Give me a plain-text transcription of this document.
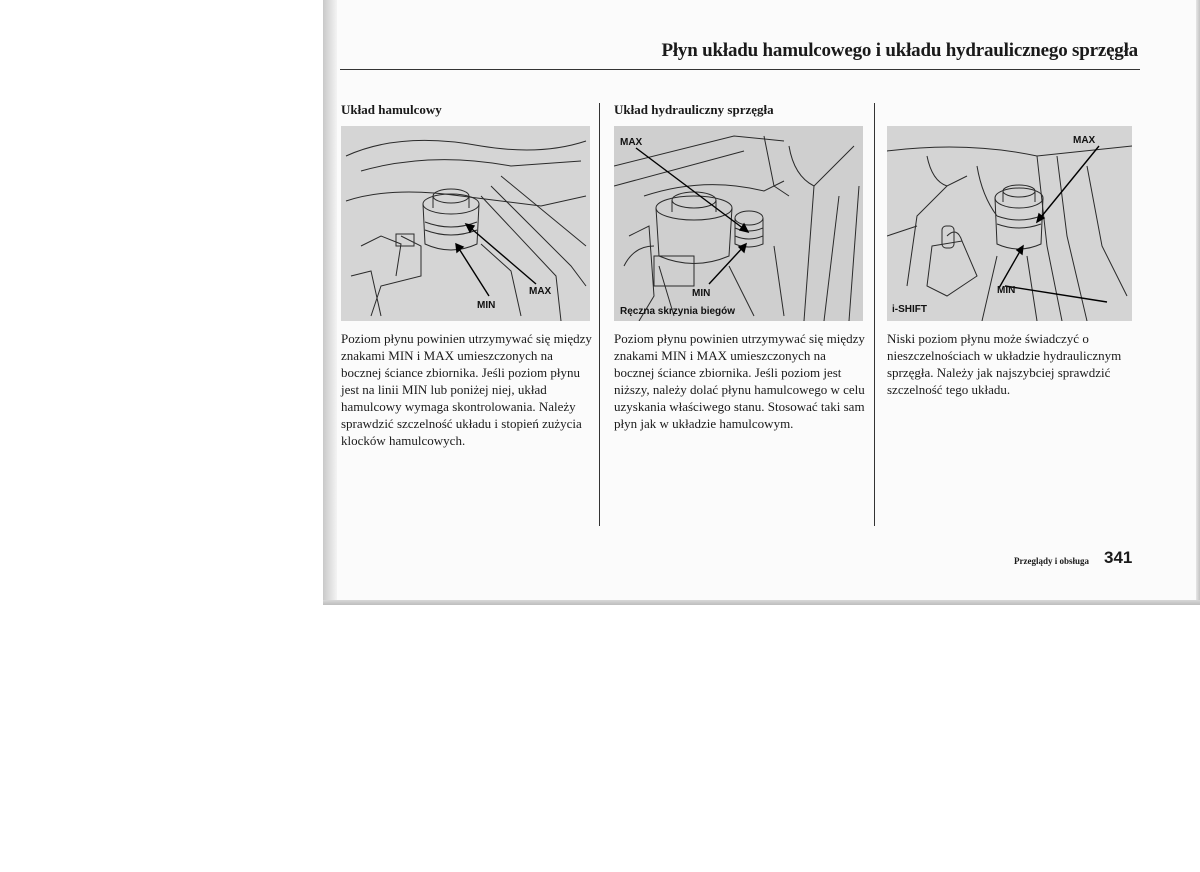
Płyn układu hamulcowego i układu hydraulicznego sprzęgła
Układ hamulcowy
MAX
MIN
Poziom płynu powinien utrzymywać się między znakami MIN i MAX umieszczonych na bocznej ściance zbiornika. Jeśli poziom płynu jest na linii MIN lub poniżej niej, układ hamulcowy wymaga skontrolowania. Należy sprawdzić szczelność układu i stopień zużycia klocków hamulcowych.
Układ hydrauliczny sprzęgła
MAX
MIN
Ręczna skrzynia biegów
Poziom płynu powinien utrzymywać się między znakami MIN i MAX umieszczonych na bocznej ściance zbiornika. Jeśli poziom jest niższy, należy dolać płynu hamulcowego w celu uzyskania właściwego stanu. Stosować taki sam płyn jak w układzie hamulcowym.
MAX
MIN
i-SHIFT
Niski poziom płynu może świadczyć o nieszczelnościach w układzie hydraulicznym sprzęgła. Należy jak najszybciej sprawdzić szczelność tego układu.
Przeglądy i obsługa 341
